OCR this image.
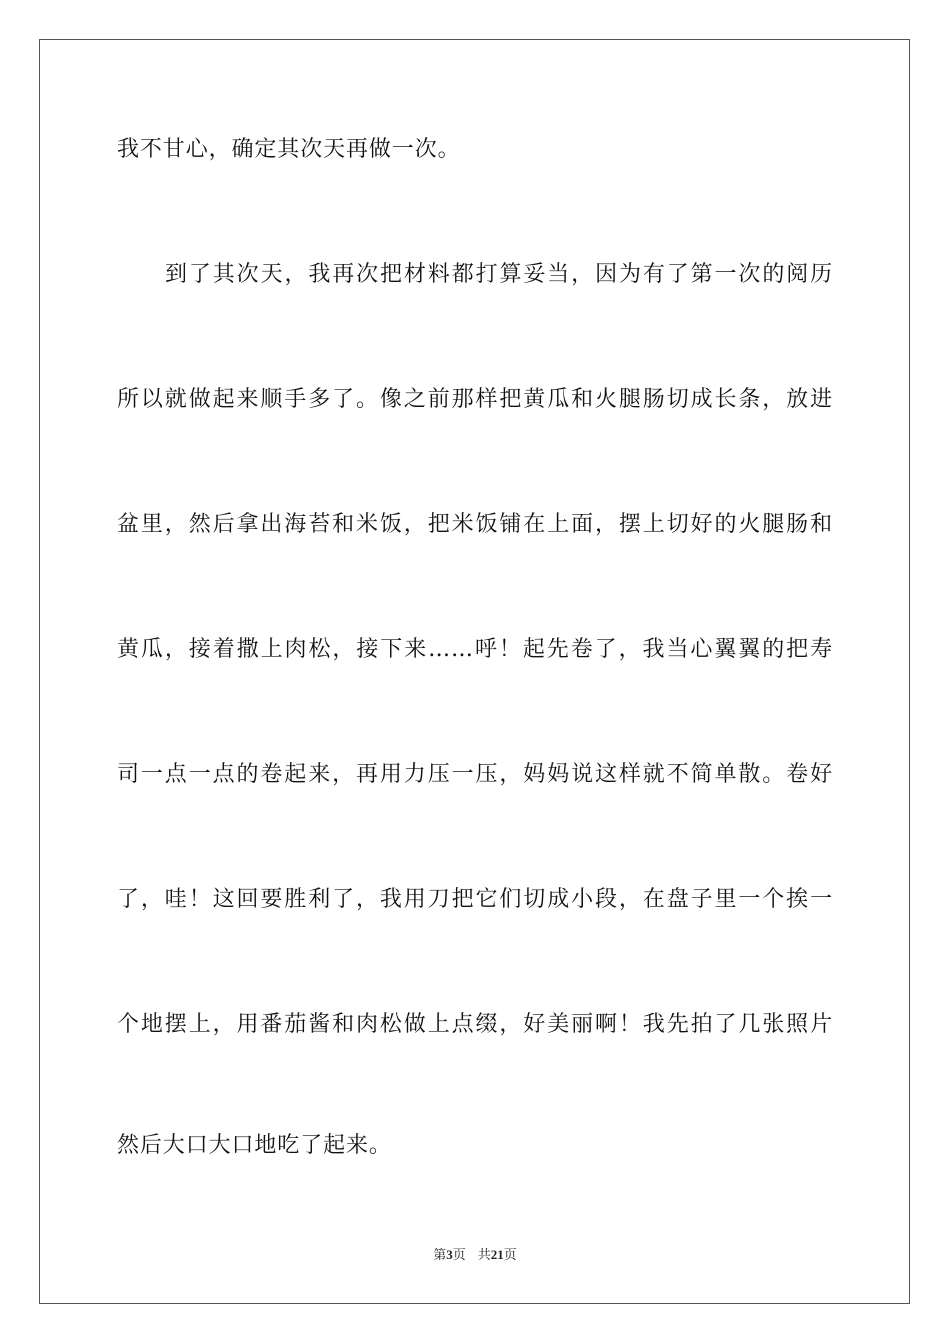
我不甘心，确定其次天再做一次。
到了其次天，我再次把材料都打算妥当，因为有了第一次的阅历
所以就做起来顺手多了。像之前那样把黄瓜和火腿肠切成长条，放进
盆里，然后拿出海苔和米饭，把米饭铺在上面，摆上切好的火腿肠和
黄瓜，接着撒上肉松，接下来……呼！起先卷了，我当心翼翼的把寿
司一点一点的卷起来，再用力压一压，妈妈说这样就不简单散。卷好
了，哇！这回要胜利了，我用刀把它们切成小段，在盘子里一个挨一
个地摆上，用番茄酱和肉松做上点缀，好美丽啊！我先拍了几张照片
然后大口大口地吃了起来。
第3页 共21页
